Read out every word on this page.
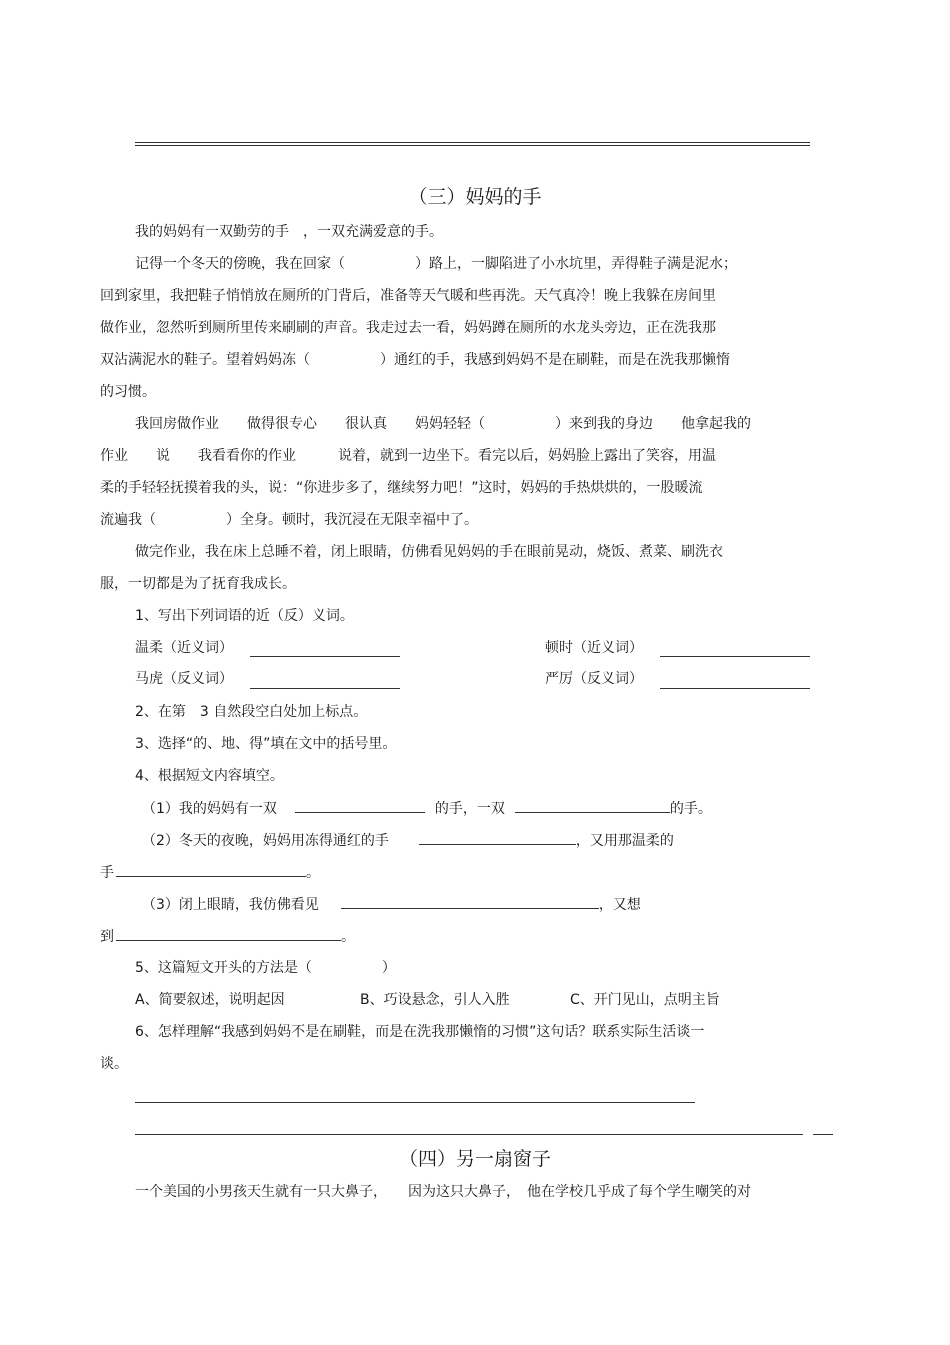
（三）妈妈的手
我的妈妈有一双勤劳的手　，一双充满爱意的手。
记得一个冬天的傍晚，我在回家（　　　　　）路上，一脚陷进了小水坑里，弄得鞋子满是泥水；
回到家里，我把鞋子悄悄放在厕所的门背后，准备等天气暖和些再洗。天气真冷！晚上我躲在房间里
做作业，忽然听到厕所里传来刷刷的声音。我走过去一看，妈妈蹲在厕所的水龙头旁边，正在洗我那
双沾满泥水的鞋子。望着妈妈冻（　　　　　）通红的手，我感到妈妈不是在刷鞋，而是在洗我那懒惰
的习惯。
我回房做作业　　做得很专心　　很认真　　妈妈轻轻（　　　　　）来到我的身边　　他拿起我的
作业　　说　　我看看你的作业　　　说着，就到一边坐下。看完以后，妈妈脸上露出了笑容，用温
柔的手轻轻抚摸着我的头，说：“你进步多了，继续努力吧！”这时，妈妈的手热烘烘的，一股暖流
流遍我（　　　　　）全身。顿时，我沉浸在无限幸福中了。
做完作业，我在床上总睡不着，闭上眼睛，仿佛看见妈妈的手在眼前晃动，烧饭、煮菜、刷洗衣
服，一切都是为了抚育我成长。
1、写出下列词语的近（反）义词。
温柔（近义词）	顿时（近义词）
马虎（反义词）	严厉（反义词）
2、在第　3 自然段空白处加上标点。
3、选择“的、地、得”填在文中的括号里。
4、根据短文内容填空。
（1）我的妈妈有一双	的手，一双	的手。
（2）冬天的夜晚，妈妈用冻得通红的手	，又用那温柔的
手	。
（3）闭上眼睛，我仿佛看见	，又想
到	。
5、这篇短文开头的方法是（　　　　　）
A、简要叙述，说明起因	B、巧设悬念，引人入胜	C、开门见山，点明主旨
6、怎样理解“我感到妈妈不是在刷鞋，而是在洗我那懒惰的习惯”这句话？联系实际生活谈一
谈。
（四）另一扇窗子
一个美国的小男孩天生就有一只大鼻子，　　因为这只大鼻子，　他在学校几乎成了每个学生嘲笑的对
